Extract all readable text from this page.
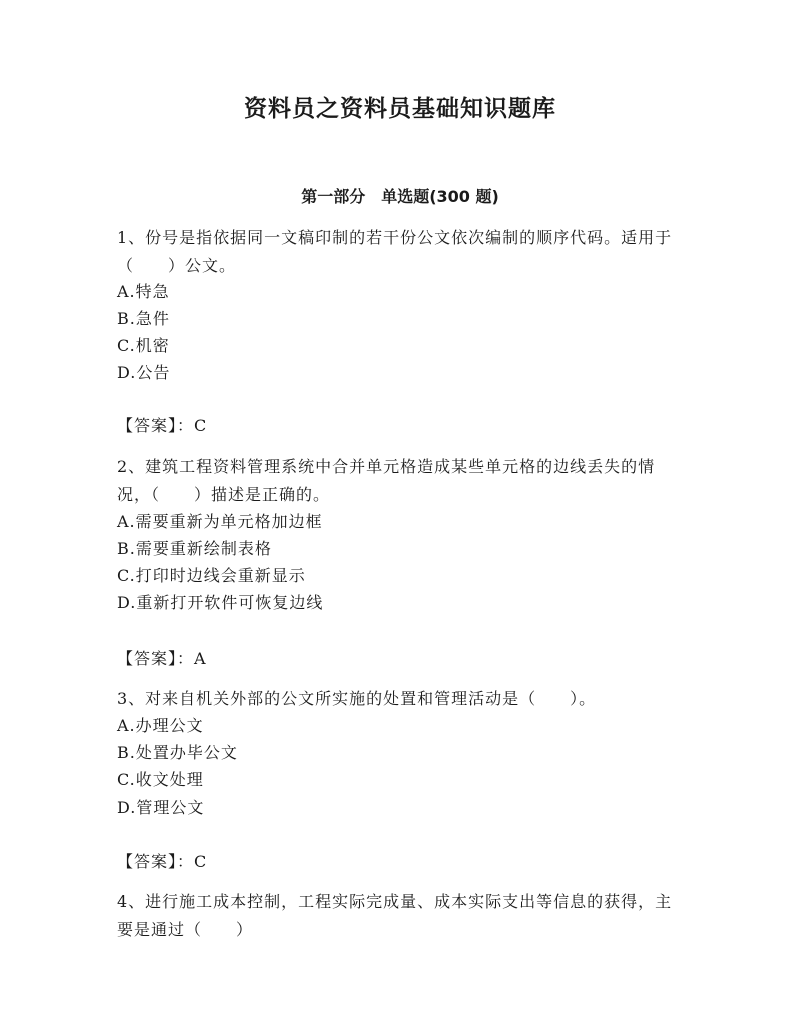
资料员之资料员基础知识题库
第一部分　单选题(300 题)
1、份号是指依据同一文稿印制的若干份公文依次编制的顺序代码。适用于（　　）公文。
A.特急
B.急件
C.机密
D.公告
【答案】：C
2、建筑工程资料管理系统中合并单元格造成某些单元格的边线丢失的情况，（　　）描述是正确的。
A.需要重新为单元格加边框
B.需要重新绘制表格
C.打印时边线会重新显示
D.重新打开软件可恢复边线
【答案】：A
3、对来自机关外部的公文所实施的处置和管理活动是（　　）。
A.办理公文
B.处置办毕公文
C.收文处理
D.管理公文
【答案】：C
4、进行施工成本控制，工程实际完成量、成本实际支出等信息的获得，主要是通过（　　）
